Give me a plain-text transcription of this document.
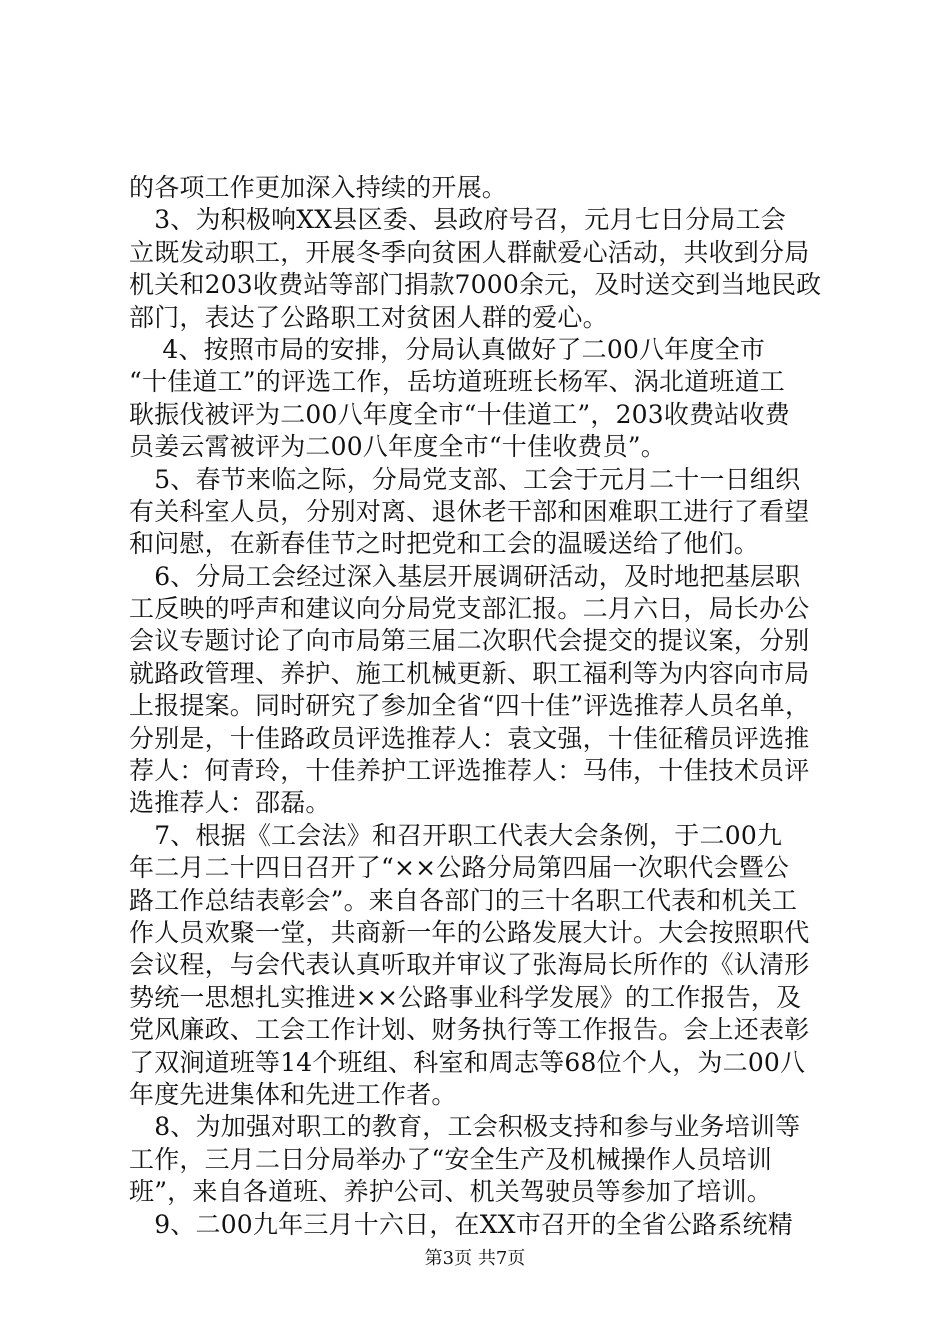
的各项工作更加深入持续的开展。
　3、为积极响XX县区委、县政府号召，元月七日分局工会
立既发动职工，开展冬季向贫困人群献爱心活动，共收到分局
机关和203收费站等部门捐款7000余元，及时送交到当地民政
部门，表达了公路职工对贫困人群的爱心。
　 4、按照市局的安排，分局认真做好了二00八年度全市
“十佳道工”的评选工作，岳坊道班班长杨军、涡北道班道工
耿振伐被评为二00八年度全市“十佳道工”，203收费站收费
员姜云霄被评为二00八年度全市“十佳收费员”。
　5、春节来临之际，分局党支部、工会于元月二十一日组织
有关科室人员，分别对离、退休老干部和困难职工进行了看望
和问慰，在新春佳节之时把党和工会的温暖送给了他们。
　6、分局工会经过深入基层开展调研活动，及时地把基层职
工反映的呼声和建议向分局党支部汇报。二月六日，局长办公
会议专题讨论了向市局第三届二次职代会提交的提议案，分别
就路政管理、养护、施工机械更新、职工福利等为内容向市局
上报提案。同时研究了参加全省“四十佳”评选推荐人员名单，
分别是，十佳路政员评选推荐人：袁文强，十佳征稽员评选推
荐人：何青玲，十佳养护工评选推荐人：马伟，十佳技术员评
选推荐人：邵磊。
　7、根据《工会法》和召开职工代表大会条例，于二00九
年二月二十四日召开了“××公路分局第四届一次职代会暨公
路工作总结表彰会”。来自各部门的三十名职工代表和机关工
作人员欢聚一堂，共商新一年的公路发展大计。大会按照职代
会议程，与会代表认真听取并审议了张海局长所作的《认清形
势统一思想扎实推进××公路事业科学发展》的工作报告，及
党风廉政、工会工作计划、财务执行等工作报告。会上还表彰
了双涧道班等14个班组、科室和周志等68位个人，为二00八
年度先进集体和先进工作者。
　8、为加强对职工的教育，工会积极支持和参与业务培训等
工作，三月二日分局举办了“安全生产及机械操作人员培训
班”，来自各道班、养护公司、机关驾驶员等参加了培训。
　9、二00九年三月十六日，在XX市召开的全省公路系统精
第3页 共7页
